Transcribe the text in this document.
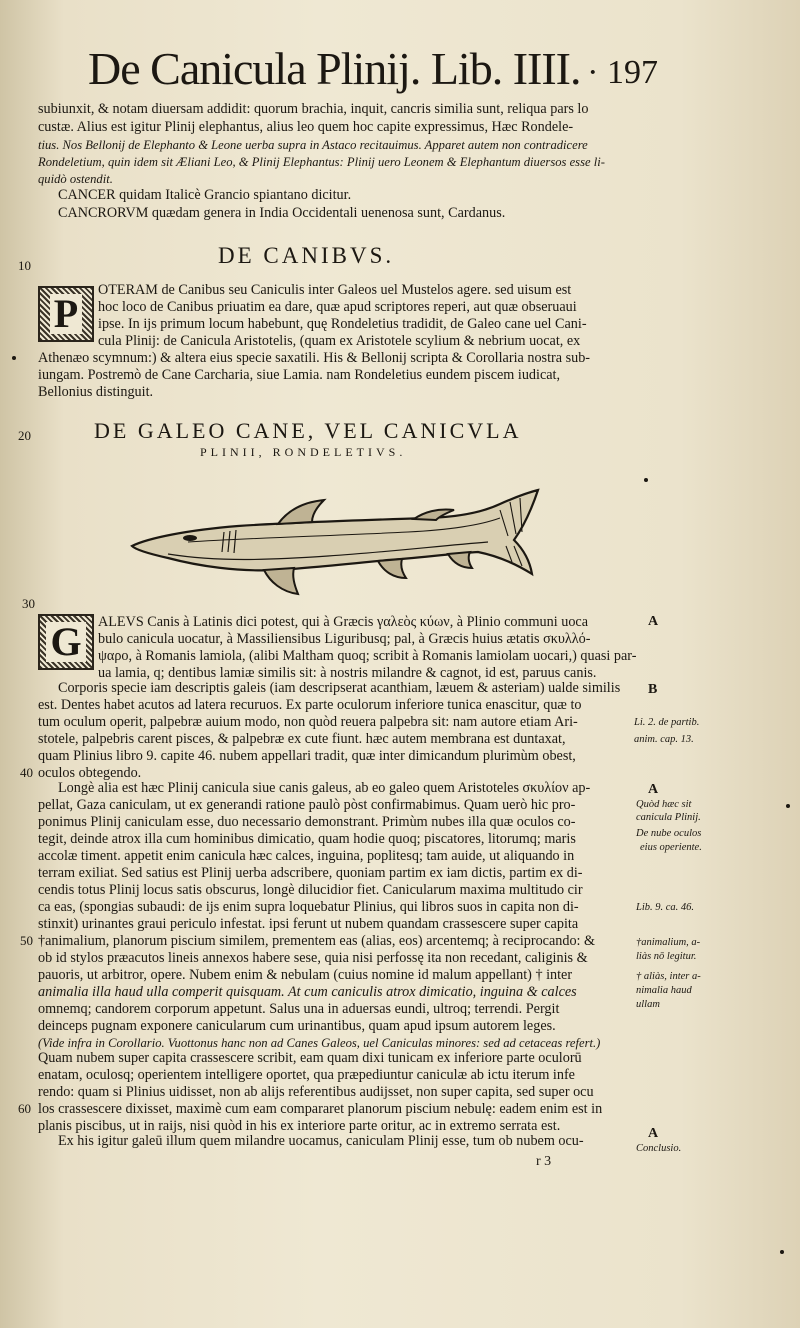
De Canicula Plinij. Lib. IIII. · 197
subiunxit, & notam diuersam addidit: quorum brachia, inquit, cancris similia sunt, reliqua pars lo
custæ. Alius est igitur Plinij elephantus, alius leo quem hoc capite expressimus, Hæc Rondele-
tius. Nos Bellonij de Elephanto & Leone uerba supra in Astaco recitauimus. Apparet autem non contradicere
Rondeletium, quin idem sit Æliani Leo, & Plinij Elephantus: Plinij uero Leonem & Elephantum diuersos esse li-
quidò ostendit.
CANCER quidam Italicè Grancio spiantano dicitur.
CANCRORVM quædam genera in India Occidentali uenenosa sunt, Cardanus.
DE CANIBVS.
10
P
OTERAM de Canibus seu Caniculis inter Galeos uel Mustelos agere. sed uisum est
hoc loco de Canibus priuatim ea dare, quæ apud scriptores reperi, aut quæ obseruaui
ipse. In ijs primum locum habebunt, quę Rondeletius tradidit, de Galeo cane uel Cani-
cula Plinij: de Canicula Aristotelis, (quam ex Aristotele scylium & nebrium uocat, ex
Athenæo scymnum:) & altera eius specie saxatili. His & Bellonij scripta & Corollaria nostra sub-
iungam. Postremò de Cane Carcharia, siue Lamia. nam Rondeletius eundem piscem iudicat,
Bellonius distinguit.
20	DE GALEO CANE, VEL CANICVLA
PLINII, RONDELETIVS.
30
G ALEVS Canis à Latinis dici potest, qui à Græcis γαλεὸς κύων, à Plinio communi uoca
bulo canicula uocatur, à Massiliensibus Liguribusq; pal, à Græcis huius ætatis σκυλλό-
ψαρο, à Romanis lamiola, (alibi Maltham quoq; scribit à Romanis lamiolam uocari,) quasi par-
ua lamia, q; dentibus lamiæ similis sit: à nostris milandre & cagnot, id est, paruus canis.
Corporis specie iam descriptis galeis (iam descripserat acanthiam, læuem & asteriam) ualde similis
est. Dentes habet acutos ad latera recuruos. Ex parte oculorum inferiore tunica enascitur, quæ to
tum oculum operit, palpebræ auium modo, non quòd reuera palpebra sit: nam autore etiam Ari-
stotele, palpebris carent pisces, & palpebræ ex cute fiunt. hæc autem membrana est duntaxat,
quam Plinius libro 9. capite 46. nubem appellari tradit, quæ inter dimicandum plurimùm obest,
40 oculos obtegendo.
Longè alia est hæc Plinij canicula siue canis galeus, ab eo galeo quem Aristoteles σκυλίον ap-
pellat, Gaza caniculam, ut ex generandi ratione paulò pòst confirmabimus. Quam uerò hic pro-
ponimus Plinij caniculam esse, duo necessario demonstrant. Primùm nubes illa quæ oculos co-
tegit, deinde atrox illa cum hominibus dimicatio, quam hodie quoq; piscatores, litorumq; maris
accolæ timent. appetit enim canicula hæc calces, inguina, poplitesq; tam auide, ut aliquando in
terram exiliat. Sed satius est Plinij uerba adscribere, quoniam partim ex iam dictis, partim ex di-
cendis totus Plinij locus satis obscurus, longè dilucidior fiet. Canicularum maxima multitudo cir
ca eas, (spongias subaudi: de ijs enim supra loquebatur Plinius, qui libros suos in capita non di-
stinxit) urinantes graui periculo infestat. ipsi ferunt ut nubem quandam crassescere super capita
50 †animalium, planorum piscium similem, prementem eas (alias, eos) arcentemq; à reciprocando: &
ob id stylos præacutos lineis annexos habere sese, quia nisi perfossę ita non recedant, caliginis &
pauoris, ut arbitror, opere. Nubem enim & nebulam (cuius nomine id malum appellant) † inter
animalia illa haud ulla comperit quisquam. At cum caniculis atrox dimicatio, inguina & calces
omnemq; candorem corporum appetunt. Salus una in aduersas eundi, ultroq; terrendi. Pergit
deinceps pugnam exponere canicularum cum urinantibus, quam apud ipsum autorem leges.
(Vide infra in Corollario. Vuottonus hanc non ad Canes Galeos, uel Caniculas minores: sed ad cetaceas refert.)
Quam nubem super capita crassescere scribit, eam quam dixi tunicam ex inferiore parte oculorū
enatam, oculosq; operientem intelligere oportet, qua præpediuntur caniculæ ab ictu iterum infe
rendo: quam si Plinius uidisset, non ab alijs referentibus audijsset, non super capita, sed super ocu
60 los crassescere dixisset, maximè cum eam compararet planorum piscium nebulę: eadem enim est in
planis piscibus, ut in raijs, nisi quòd in his ex interiore parte oritur, ac in extremo serrata est.
Ex his igitur galeū illum quem milandre uocamus, caniculam Plinij esse, tum ob nubem ocu-
r 3
A
B
A
A
Li. 2. de partib.
anim. cap. 13.
Quòd hæc sit
canicula Plinij.
De nube oculos
eius operiente.
Lib. 9. ca. 46.
†animalium, a-
liàs nō legitur.
† aliàs, inter a-
nimalia haud
ullam
Conclusio.
